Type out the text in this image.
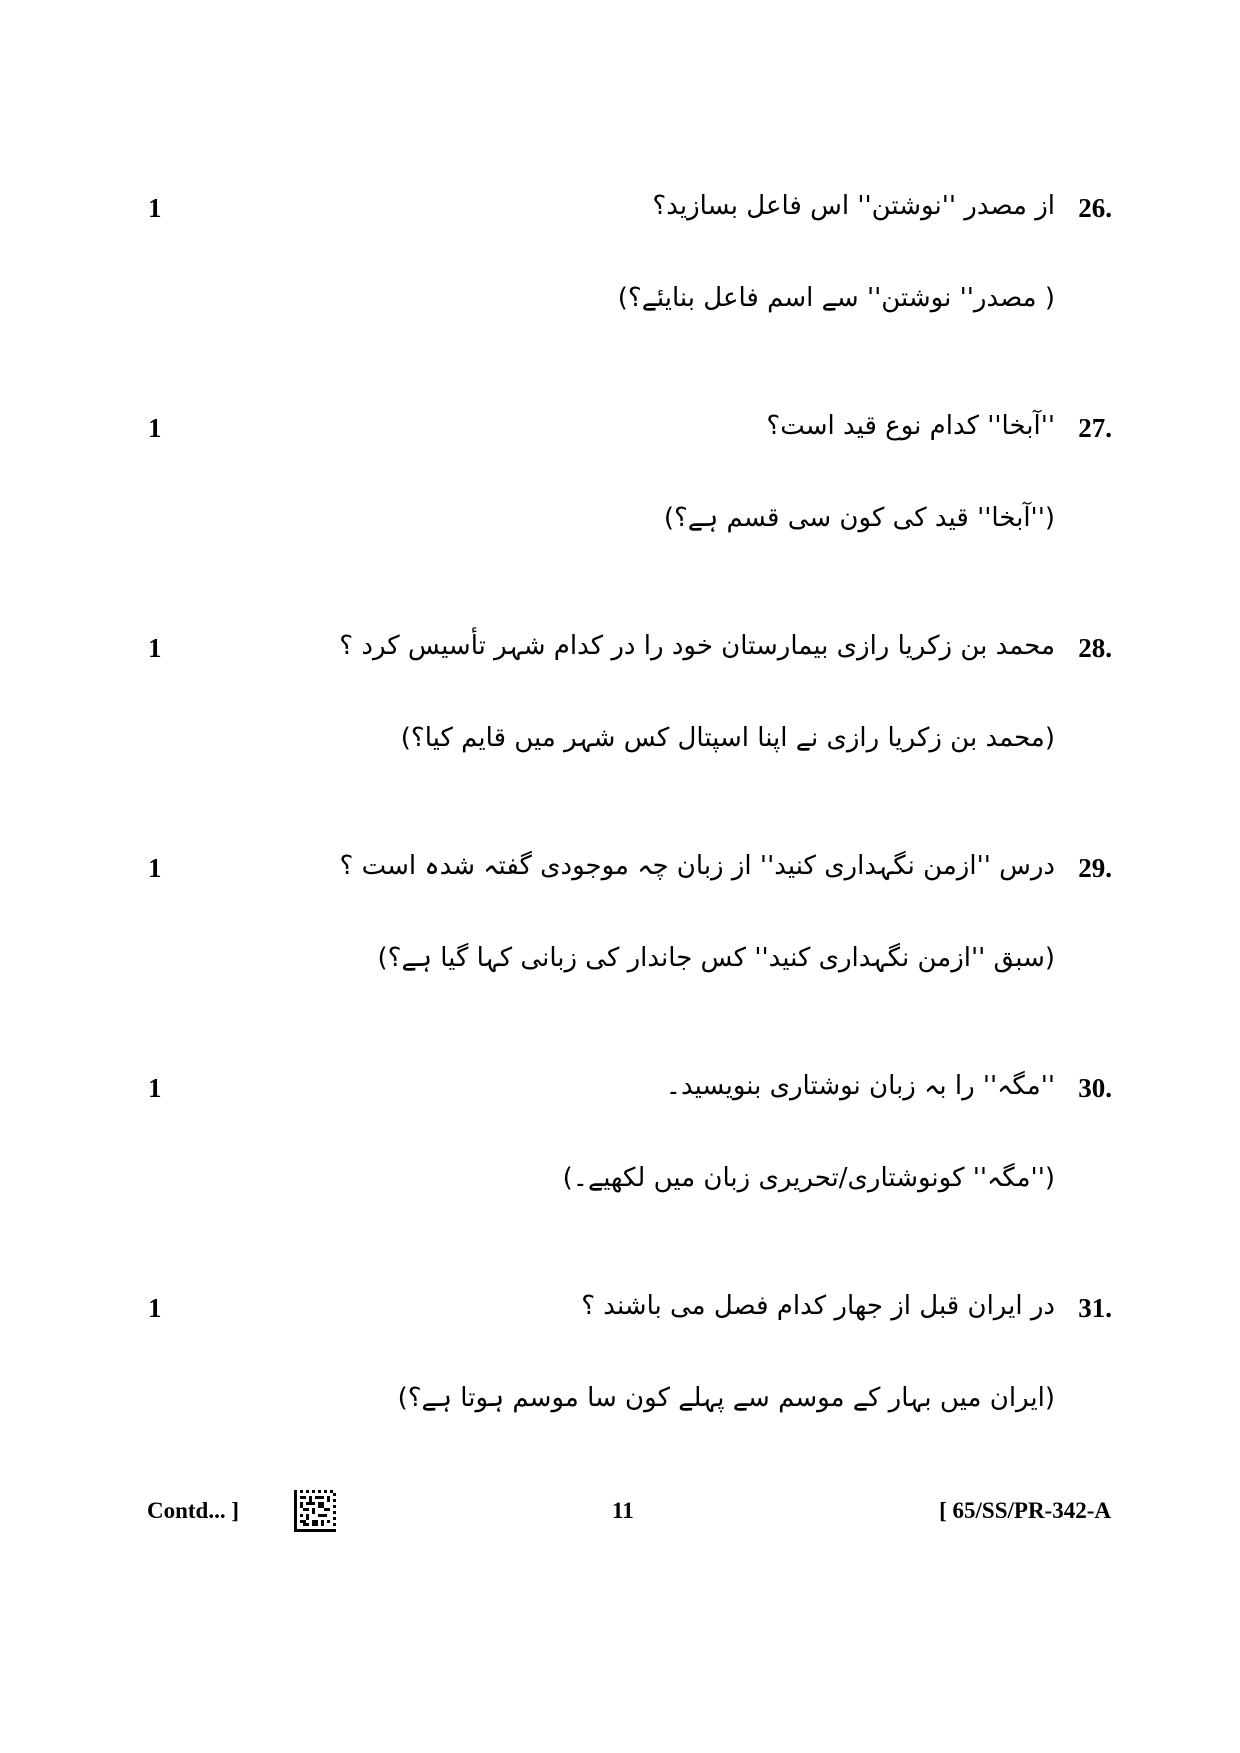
1	26.
از مصدر ''نوشتن'' اس فاعل بسازید؟
( مصدر'' نوشتن'' سے اسم فاعل بنایئے؟)
1	27.
''آبخا'' کدام نوع قید است؟
(''آبخا'' قید کی کون سی قسم ہے؟)
1	28.
محمد بن زکریا رازی بیمارستان خود را در کدام شہر تأسیس کرد ؟
(محمد بن زکریا رازی نے اپنا اسپتال کس شہر میں قایم کیا؟)
1	29.
درس ''ازمن نگہداری کنید'' از زبان چہ موجودی گفتہ شدہ است ؟
(سبق ''ازمن نگہداری کنید'' کس جاندار کی زبانی کہا گیا ہے؟)
1	30.
''مگہ'' را بہ زبان نوشتاری بنویسید۔
(''مگہ'' کونوشتاری/تحریری زبان میں لکھیے۔)
1	31.
در ایران قبل از جھار کدام فصل می باشند ؟
(ایران میں بہار کے موسم سے پہلے کون سا موسم ہوتا ہے؟)
Contd... ]	11	[ 65/SS/PR-342-A
